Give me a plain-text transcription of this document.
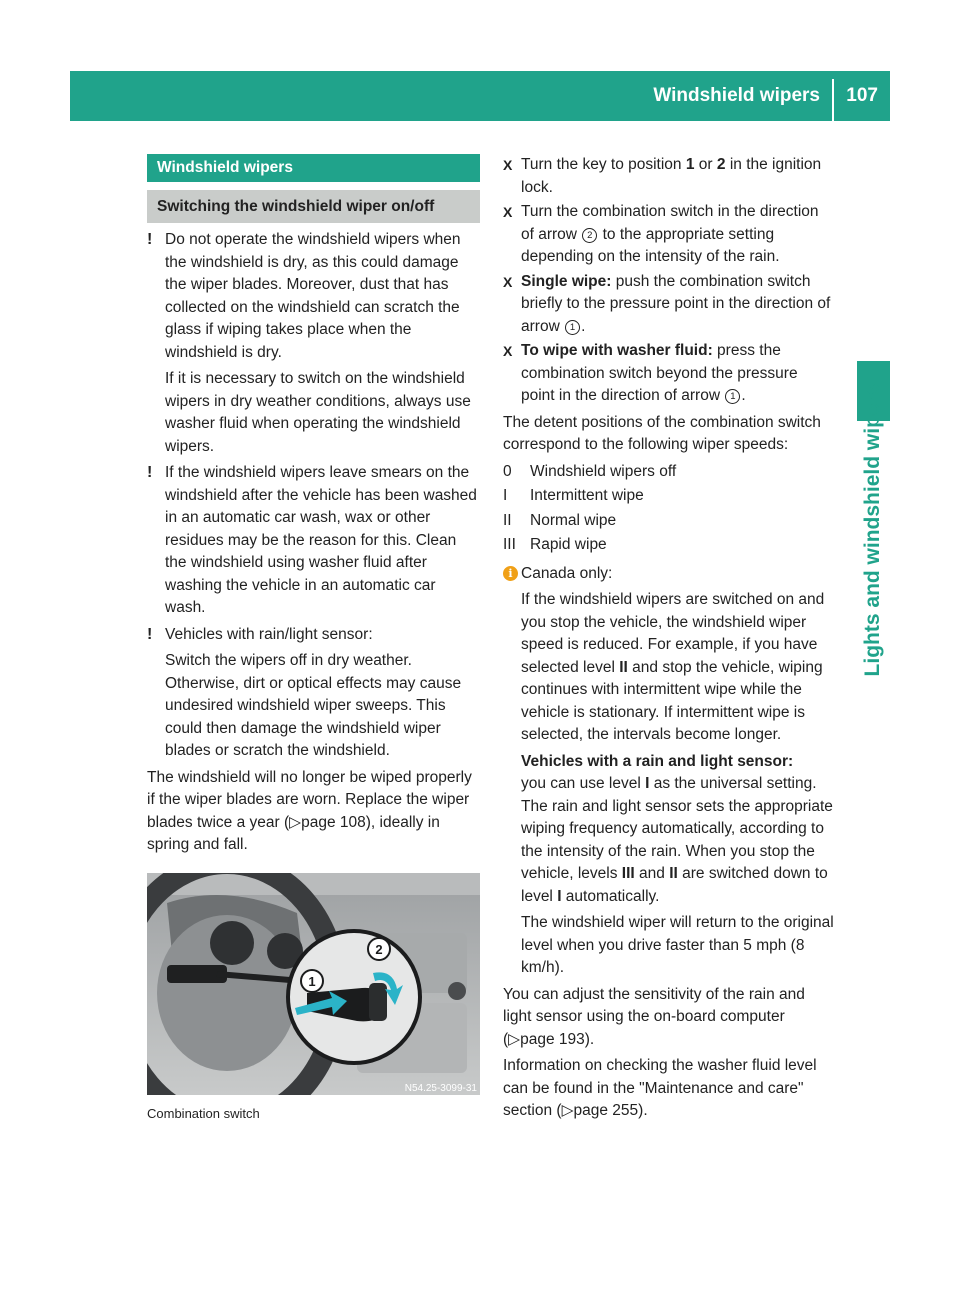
Windshield wipers 107
Lights and windshield wipers
Windshield wipers
Switching the windshield wiper on/off
! Do not operate the windshield wipers when the windshield is dry, as this could damage the wiper blades. Moreover, dust that has collected on the windshield can scratch the glass if wiping takes place when the windshield is dry.

If it is necessary to switch on the windshield wipers in dry weather conditions, always use washer fluid when operating the windshield wipers.

! If the windshield wipers leave smears on the windshield after the vehicle has been washed in an automatic car wash, wax or other residues may be the reason for this. Clean the windshield using washer fluid after washing the vehicle in an automatic car wash.

! Vehicles with rain/light sensor:

Switch the wipers off in dry weather. Otherwise, dirt or optical effects may cause undesired windshield wiper sweeps. This could then damage the windshield wiper blades or scratch the windshield.

The windshield will no longer be wiped properly if the wiper blades are worn. Replace the wiper blades twice a year (▷page 108), ideally in spring and fall.

1
2
N54.25-3099-31
Combination switch
X Turn the key to position 1 or 2 in the ignition lock.
X Turn the combination switch in the direction of arrow 2 to the appropriate setting depending on the intensity of the rain.
X Single wipe: push the combination switch briefly to the pressure point in the direction of arrow 1 .
X To wipe with washer fluid: press the combination switch beyond the pressure point in the direction of arrow 1 .

The detent positions of the combination switch correspond to the following wiper speeds:

0	Windshield wipers off
I	Intermittent wipe
II	Normal wipe
III Rapid wipe
i Canada only:

If the windshield wipers are switched on and you stop the vehicle, the windshield wiper speed is reduced. For example, if you have selected level II and stop the vehicle, wiping continues with intermittent wipe while the vehicle is stationary. If intermittent wipe is selected, the intervals become longer.

Vehicles with a rain and light sensor:

you can use level I as the universal setting. The rain and light sensor sets the appropriate wiping frequency automatically, according to the intensity of the rain. When you stop the vehicle, levels III and II are switched down to level I automatically.

The windshield wiper will return to the original level when you drive faster than 5 mph (8 km/h).

You can adjust the sensitivity of the rain and light sensor using the on-board computer (▷page 193).

Information on checking the washer fluid level can be found in the "Maintenance and care" section (▷page 255).
